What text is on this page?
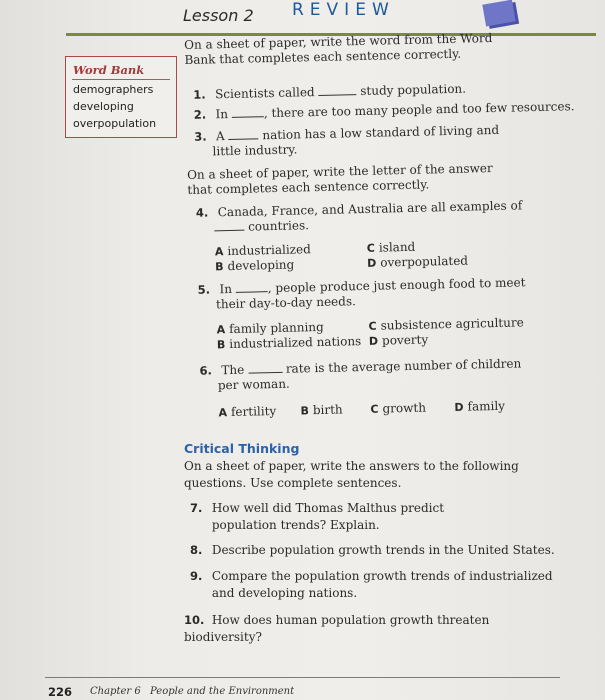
Lesson 2 REVIEW
Word Bank
demographers
developing
overpopulation

On a sheet of paper, write the word from the Word Bank that completes each sentence correctly.

1. Scientists called	study population.
2. In	, there are too many people and too few resources.
3. A	nation has a low standard of living and
little industry.

On a sheet of paper, write the letter of the answer that completes each sentence correctly.

4. Canada, France, and Australia are all examples of
countries.
A industrialized
B developing
C island
D overpopulated
5. In	, people produce just enough food to meet
their day-to-day needs.
A family planning
B industrialized nations
C subsistence agriculture
D poverty
6. The	rate is the average number of children
per woman.
A fertility B birth C growth	D family
Critical Thinking
On a sheet of paper, write the answers to the following questions. Use complete sentences.
7. How well did Thomas Malthus predict population trends? Explain.
8. Describe population growth trends in the United States.
9. Compare the population growth trends of industrialized and developing nations.
10. How does human population growth threaten biodiversity?
226 Chapter 6 People and the Environment
